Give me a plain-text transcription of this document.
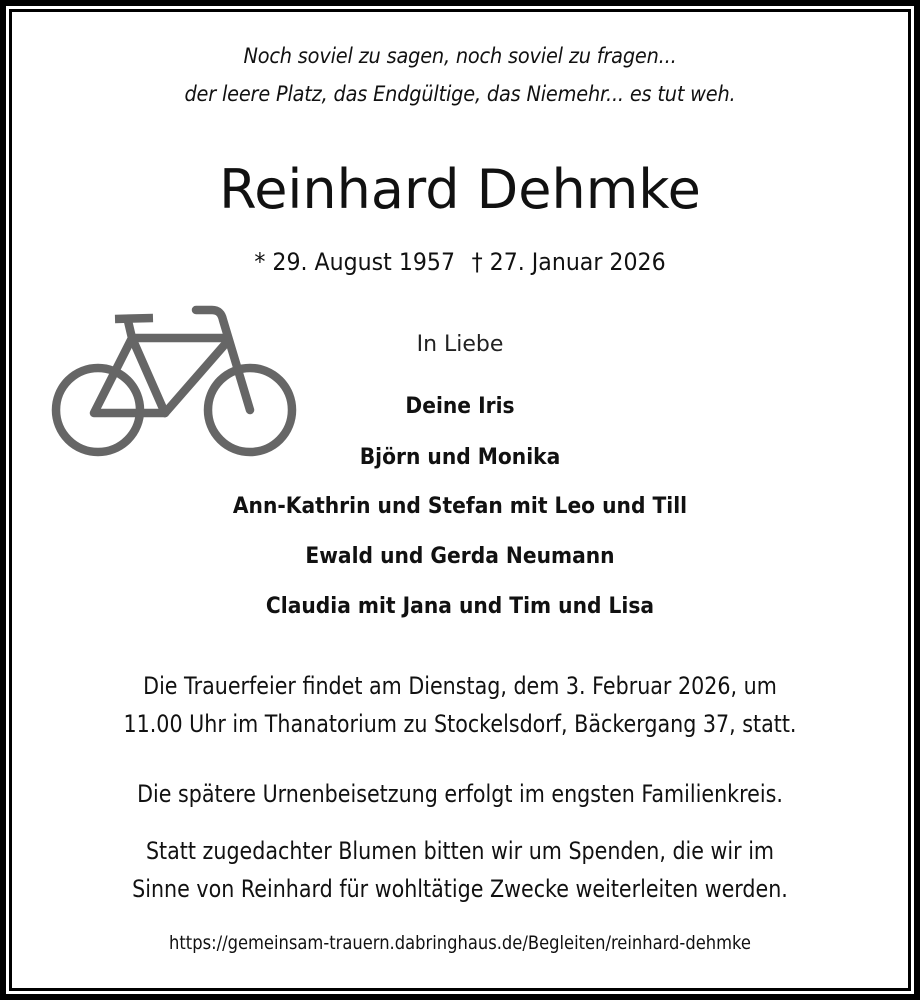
Noch soviel zu sagen, noch soviel zu fragen...
der leere Platz, das Endgültige, das Niemehr... es tut weh.
Reinhard Dehmke
* 29. August 1957 † 27. Januar 2026
In Liebe
Deine Iris
Björn und Monika
Ann-Kathrin und Stefan mit Leo und Till
Ewald und Gerda Neumann
Claudia mit Jana und Tim und Lisa
Die Trauerfeier findet am Dienstag, dem 3. Februar 2026, um
11.00 Uhr im Thanatorium zu Stockelsdorf, Bäckergang 37, statt.
Die spätere Urnenbeisetzung erfolgt im engsten Familienkreis.
Statt zugedachter Blumen bitten wir um Spenden, die wir im
Sinne von Reinhard für wohltätige Zwecke weiterleiten werden.
https://gemeinsam-trauern.dabringhaus.de/Begleiten/reinhard-dehmke
